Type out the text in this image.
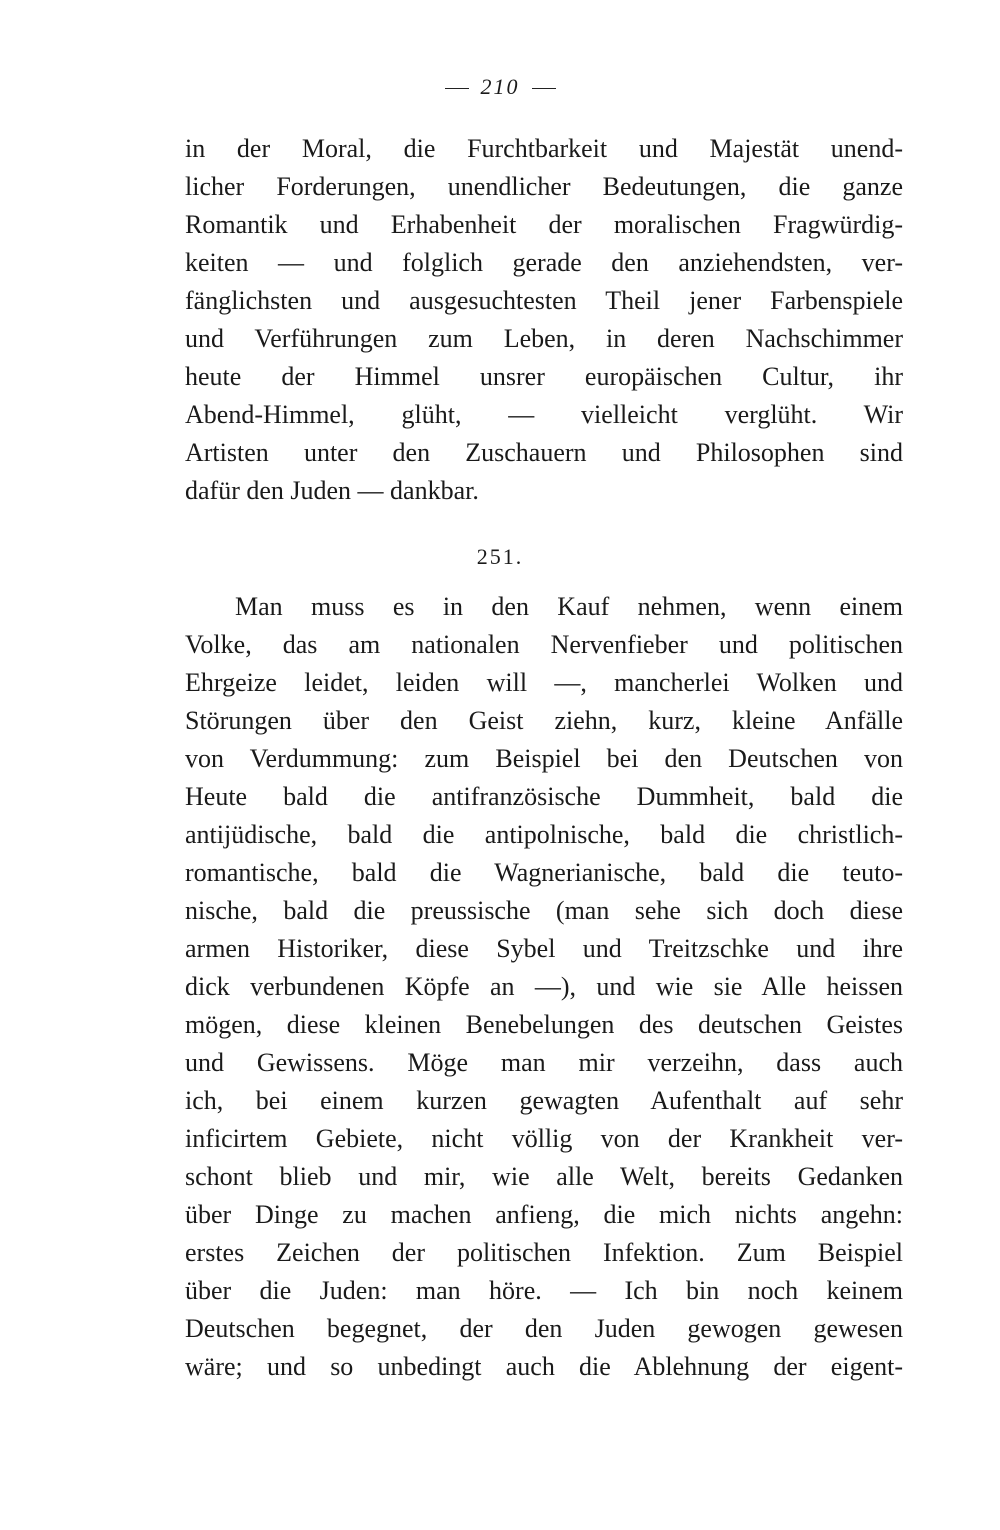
210
in der Moral, die Furchtbarkeit und Majestät unend-
licher Forderungen, unendlicher Bedeutungen, die ganze
Romantik und Erhabenheit der moralischen Fragwürdig-
keiten — und folglich gerade den anziehendsten, ver-
fänglichsten und ausgesuchtesten Theil jener Farbenspiele
und Verführungen zum Leben, in deren Nachschimmer
heute der Himmel unsrer europäischen Cultur, ihr
Abend-Himmel, glüht, — vielleicht verglüht. Wir
Artisten unter den Zuschauern und Philosophen sind
dafür den Juden — dankbar.
251.
Man muss es in den Kauf nehmen, wenn einem
Volke, das am nationalen Nervenfieber und politischen
Ehrgeize leidet, leiden will —, mancherlei Wolken und
Störungen über den Geist ziehn, kurz, kleine Anfälle
von Verdummung: zum Beispiel bei den Deutschen von
Heute bald die antifranzösische Dummheit, bald die
antijüdische, bald die antipolnische, bald die christlich-
romantische, bald die Wagnerianische, bald die teuto-
nische, bald die preussische (man sehe sich doch diese
armen Historiker, diese Sybel und Treitzschke und ihre
dick verbundenen Köpfe an —), und wie sie Alle heissen
mögen, diese kleinen Benebelungen des deutschen Geistes
und Gewissens. Möge man mir verzeihn, dass auch
ich, bei einem kurzen gewagten Aufenthalt auf sehr
inficirtem Gebiete, nicht völlig von der Krankheit ver-
schont blieb und mir, wie alle Welt, bereits Gedanken
über Dinge zu machen anfieng, die mich nichts angehn:
erstes Zeichen der politischen Infektion. Zum Beispiel
über die Juden: man höre. — Ich bin noch keinem
Deutschen begegnet, der den Juden gewogen gewesen
wäre; und so unbedingt auch die Ablehnung der eigent-
